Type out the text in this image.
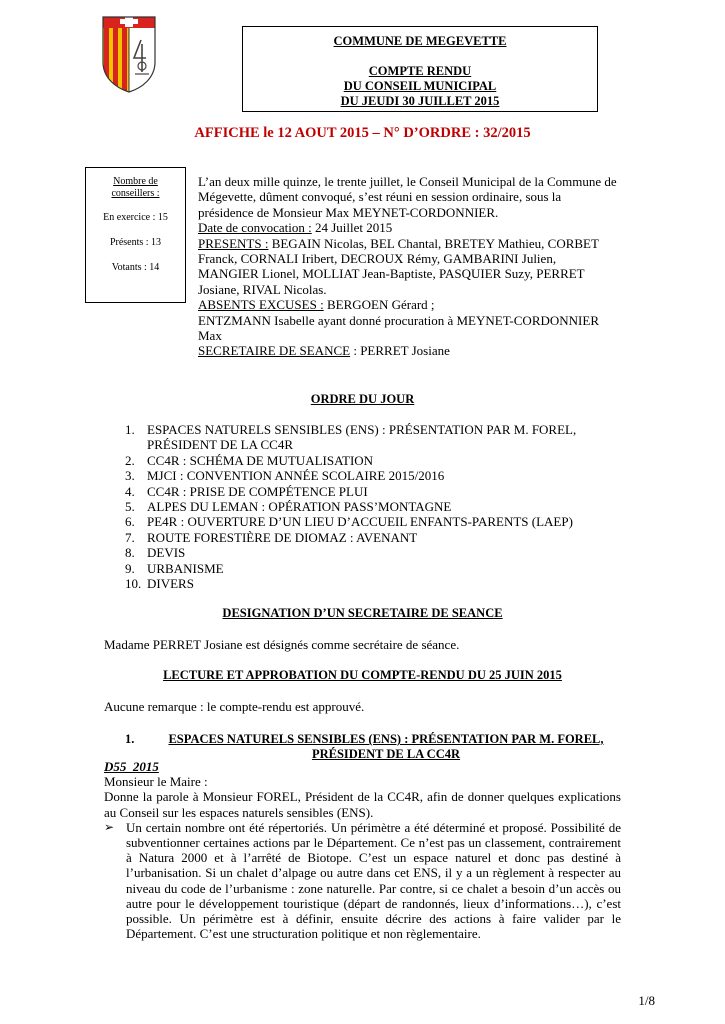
COMMUNE DE MEGEVETTE
COMPTE RENDU
DU CONSEIL MUNICIPAL
DU JEUDI 30 JUILLET 2015
AFFICHE le 12 AOUT 2015 – N° D’ORDRE : 32/2015
Nombre de
conseillers :
En exercice : 15
Présents : 13
Votants : 14
L’an deux mille quinze, le trente juillet, le Conseil Municipal de la Commune de Mégevette, dûment convoqué, s’est réuni en session ordinaire, sous la présidence de Monsieur Max MEYNET-CORDONNIER.
Date de convocation : 24 Juillet 2015
PRESENTS : BEGAIN Nicolas, BEL Chantal, BRETEY Mathieu, CORBET Franck, CORNALI Iribert, DECROUX Rémy, GAMBARINI Julien, MANGIER Lionel, MOLLIAT Jean-Baptiste, PASQUIER Suzy, PERRET Josiane, RIVAL Nicolas.
ABSENTS EXCUSES : BERGOEN Gérard ;
ENTZMANN Isabelle ayant donné procuration à MEYNET-CORDONNIER Max
SECRETAIRE DE SEANCE : PERRET Josiane
ORDRE DU JOUR
1. ESPACES NATURELS SENSIBLES (ENS) : PRÉSENTATION PAR M. FOREL, PRÉSIDENT DE LA CC4R
2. CC4R : SCHÉMA DE MUTUALISATION
3. MJCI : CONVENTION ANNÉE SCOLAIRE 2015/2016
4. CC4R : PRISE DE COMPÉTENCE PLUI
5. ALPES DU LEMAN : OPÉRATION PASS’MONTAGNE
6. PE4R : OUVERTURE D’UN LIEU D’ACCUEIL ENFANTS-PARENTS (LAEP)
7. ROUTE FORESTIÈRE DE DIOMAZ : AVENANT
8. DEVIS
9. URBANISME
10. DIVERS
DESIGNATION D’UN SECRETAIRE DE SEANCE
Madame PERRET Josiane est désignés comme secrétaire de séance.
LECTURE ET APPROBATION DU COMPTE-RENDU DU 25 JUIN 2015
Aucune remarque : le compte-rendu est approuvé.
1.	ESPACES NATURELS SENSIBLES (ENS) : PRÉSENTATION PAR M. FOREL,
PRÉSIDENT DE LA CC4R
D55_2015
Monsieur le Maire :
Donne la parole à Monsieur FOREL, Président de la CC4R, afin de donner quelques explications au Conseil sur les espaces naturels sensibles (ENS).
➢ Un certain nombre ont été répertoriés. Un périmètre a été déterminé et proposé. Possibilité de subventionner certaines actions par le Département. Ce n’est pas un classement, contrairement à Natura 2000 et à l’arrêté de Biotope. C’est un espace naturel et donc pas destiné à l’urbanisation. Si un chalet d’alpage ou autre dans cet ENS, il y a un règlement à respecter au niveau du code de l’urbanisme : zone naturelle. Par contre, si ce chalet a besoin d’un accès ou autre pour le développement touristique (départ de randonnés, lieux d’informations…), c’est possible. Un périmètre est à définir, ensuite décrire des actions à faire valider par le Département. C’est une structuration politique et non règlementaire.
1/8
